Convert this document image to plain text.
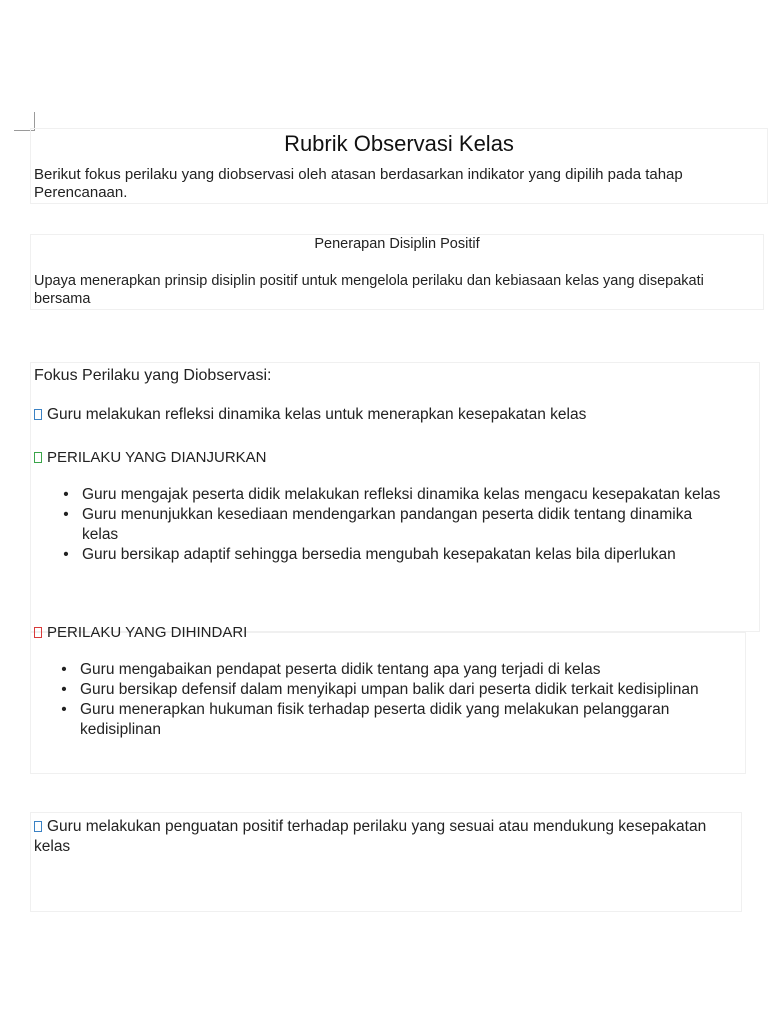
Rubrik Observasi Kelas
Berikut fokus perilaku yang diobservasi oleh atasan berdasarkan indikator yang dipilih pada tahap Perencanaan.
Penerapan Disiplin Positif
Upaya menerapkan prinsip disiplin positif untuk mengelola perilaku dan kebiasaan kelas yang disepakati bersama
Fokus Perilaku yang Diobservasi:
Guru melakukan refleksi dinamika kelas untuk menerapkan kesepakatan kelas
PERILAKU YANG DIANJURKAN
• Guru mengajak peserta didik melakukan refleksi dinamika kelas mengacu kesepakatan kelas
• Guru menunjukkan kesediaan mendengarkan pandangan peserta didik tentang dinamika kelas
• Guru bersikap adaptif sehingga bersedia mengubah kesepakatan kelas bila diperlukan
PERILAKU YANG DIHINDARI
• Guru mengabaikan pendapat peserta didik tentang apa yang terjadi di kelas
• Guru bersikap defensif dalam menyikapi umpan balik dari peserta didik terkait kedisiplinan
• Guru menerapkan hukuman fisik terhadap peserta didik yang melakukan pelanggaran kedisiplinan
Guru melakukan penguatan positif terhadap perilaku yang sesuai atau mendukung kesepakatan kelas
